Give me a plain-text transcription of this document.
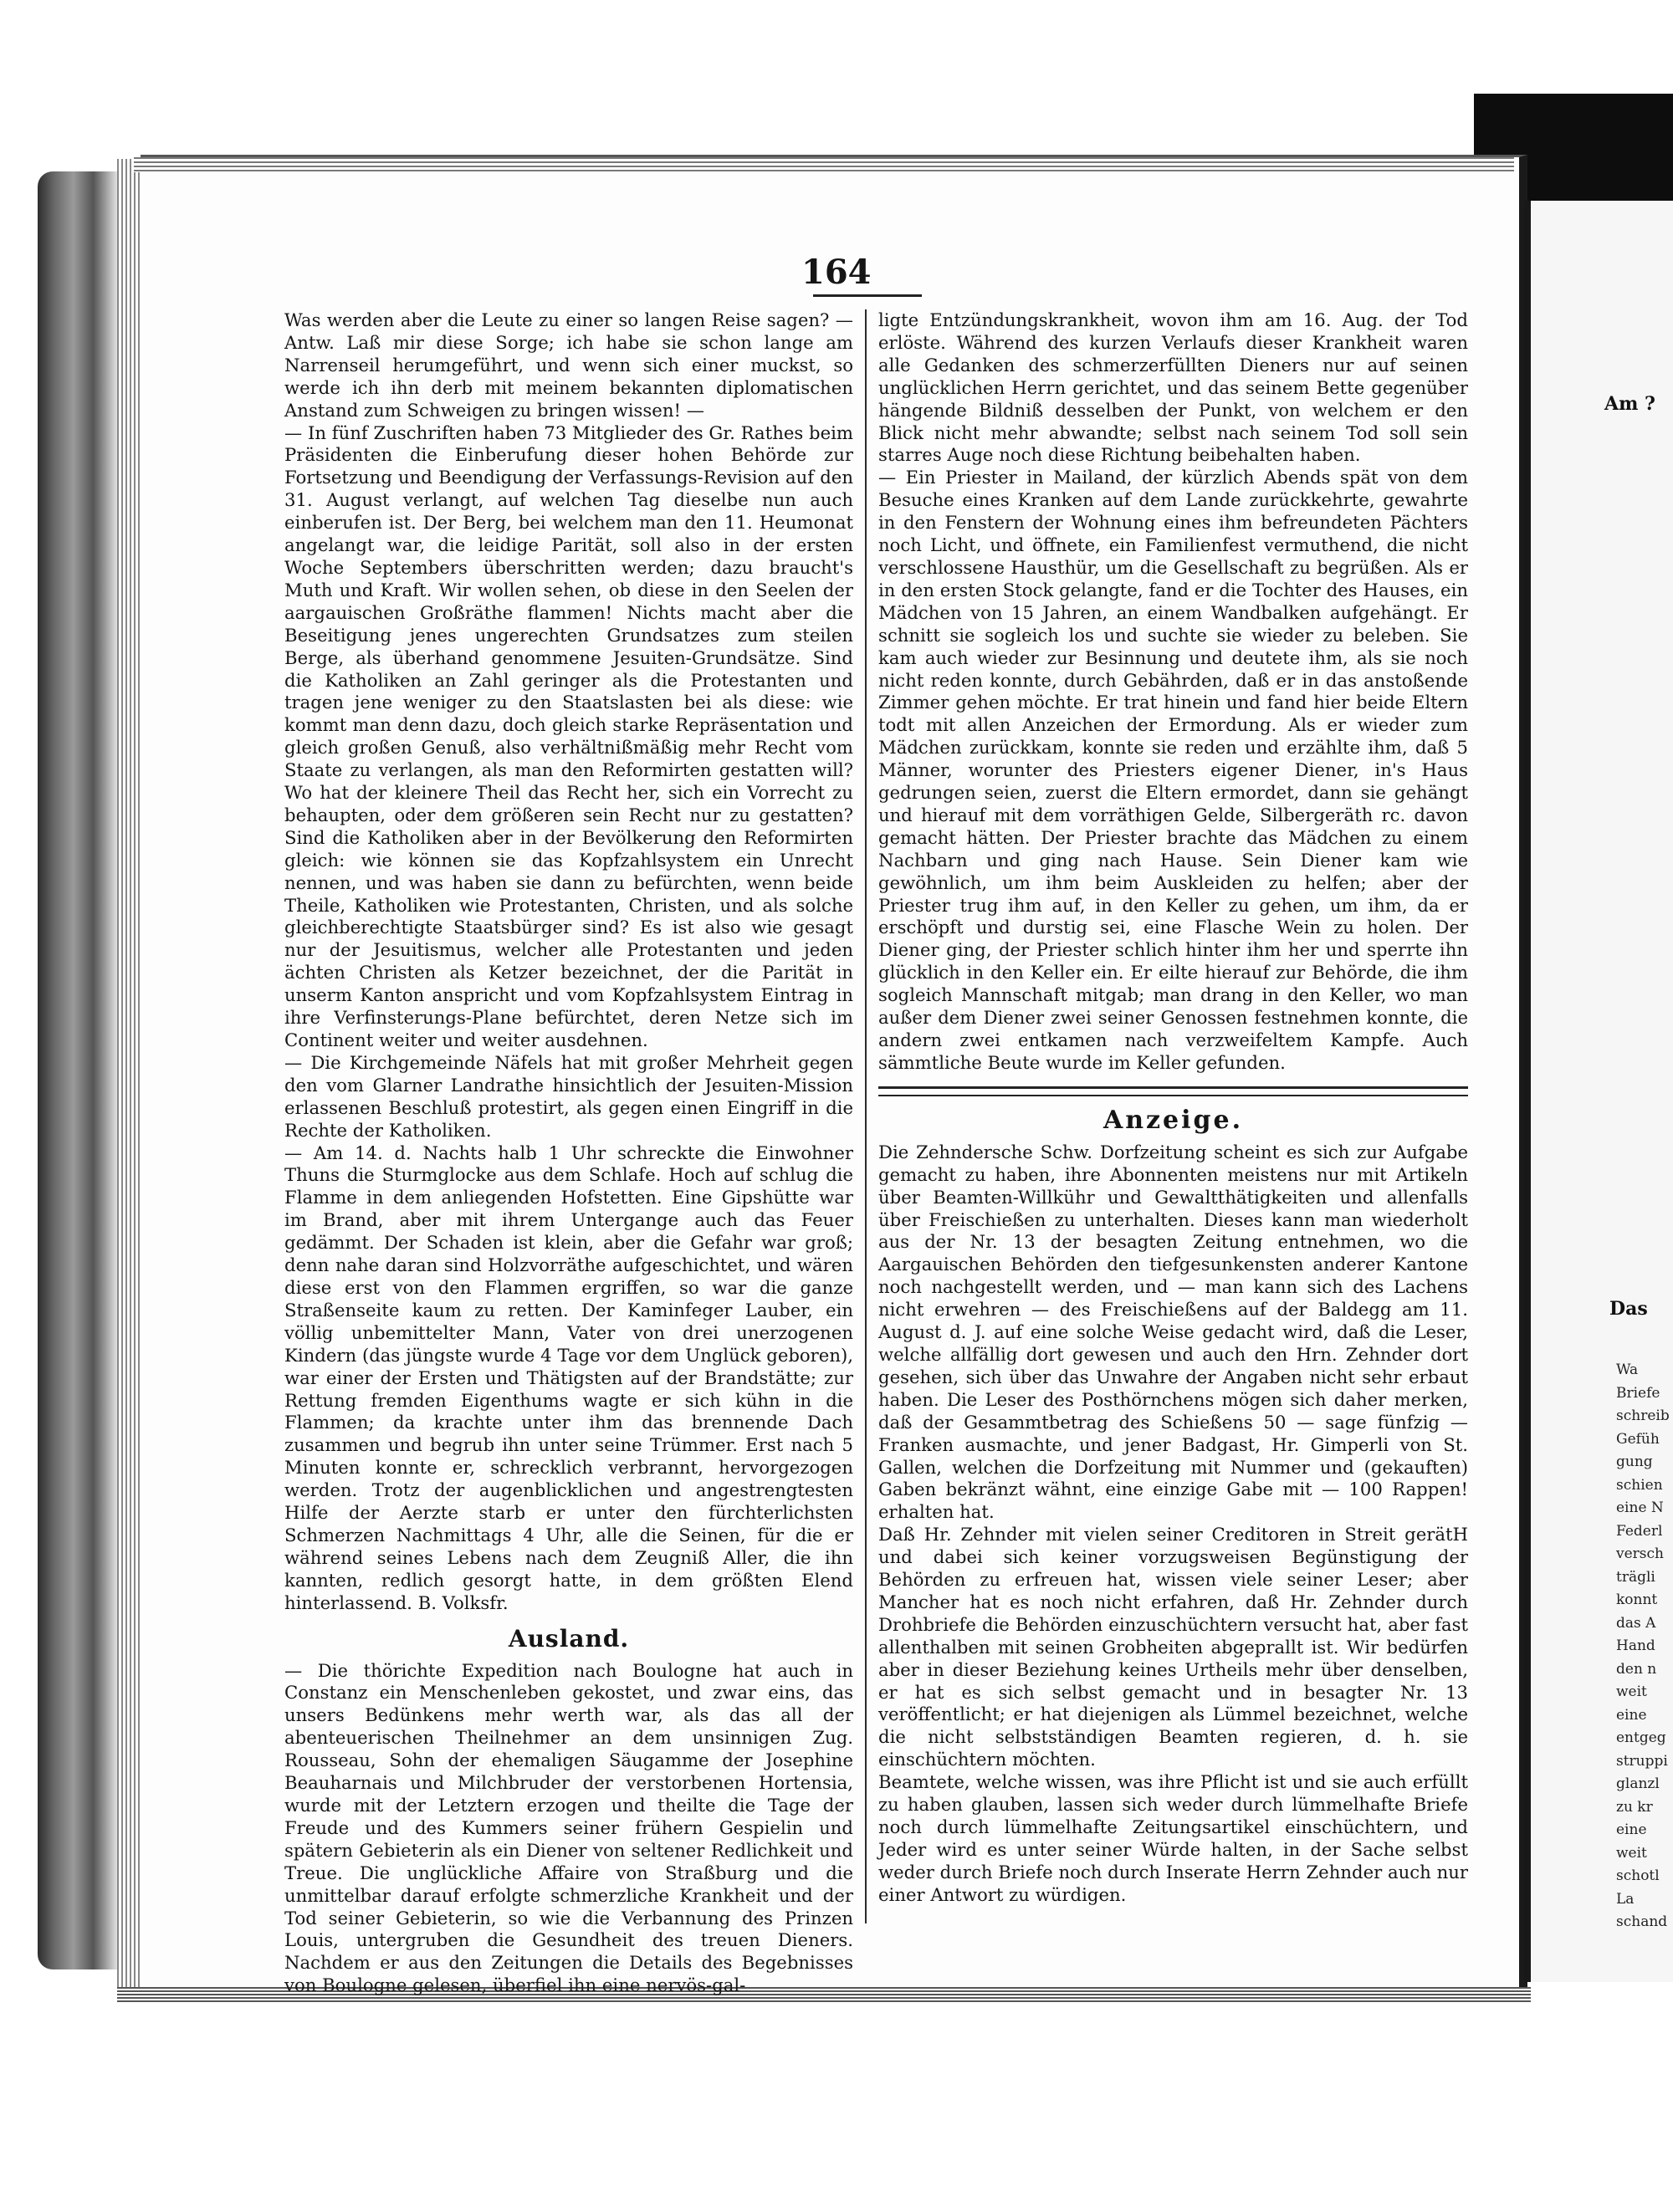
164

Was werden aber die Leute zu einer so langen Reise sagen? — Antw. Laß mir diese Sorge; ich habe sie schon lange am Narrenseil herumgeführt, und wenn sich einer muckst, so werde ich ihn derb mit meinem bekannten diplomatischen Anstand zum Schweigen zu bringen wissen! —

— In fünf Zuschriften haben 73 Mitglieder des Gr. Rathes beim Präsidenten die Einberufung dieser hohen Behörde zur Fortsetzung und Beendigung der Verfassungs-Revision auf den 31. August verlangt, auf welchen Tag dieselbe nun auch einberufen ist. Der Berg, bei welchem man den 11. Heumonat angelangt war, die leidige Parität, soll also in der ersten Woche Septembers überschritten werden; dazu braucht's Muth und Kraft. Wir wollen sehen, ob diese in den Seelen der aargauischen Großräthe flammen! Nichts macht aber die Beseitigung jenes ungerechten Grundsatzes zum steilen Berge, als überhand genommene Jesuiten-Grundsätze. Sind die Katholiken an Zahl geringer als die Protestanten und tragen jene weniger zu den Staatslasten bei als diese: wie kommt man denn dazu, doch gleich starke Repräsentation und gleich großen Genuß, also verhältnißmäßig mehr Recht vom Staate zu verlangen, als man den Reformirten gestatten will? Wo hat der kleinere Theil das Recht her, sich ein Vorrecht zu behaupten, oder dem größeren sein Recht nur zu gestatten? Sind die Katholiken aber in der Bevölkerung den Reformirten gleich: wie können sie das Kopfzahlsystem ein Unrecht nennen, und was haben sie dann zu befürchten, wenn beide Theile, Katholiken wie Protestanten, Christen, und als solche gleichberechtigte Staatsbürger sind? Es ist also wie gesagt nur der Jesuitismus, welcher alle Protestanten und jeden ächten Christen als Ketzer bezeichnet, der die Parität in unserm Kanton anspricht und vom Kopfzahlsystem Eintrag in ihre Verfinsterungs-Plane befürchtet, deren Netze sich im Continent weiter und weiter ausdehnen.

— Die Kirchgemeinde Näfels hat mit großer Mehrheit gegen den vom Glarner Landrathe hinsichtlich der Jesuiten-Mission erlassenen Beschluß protestirt, als gegen einen Eingriff in die Rechte der Katholiken.

— Am 14. d. Nachts halb 1 Uhr schreckte die Einwohner Thuns die Sturmglocke aus dem Schlafe. Hoch auf schlug die Flamme in dem anliegenden Hofstetten. Eine Gipshütte war im Brand, aber mit ihrem Untergange auch das Feuer gedämmt. Der Schaden ist klein, aber die Gefahr war groß; denn nahe daran sind Holzvorräthe aufgeschichtet, und wären diese erst von den Flammen ergriffen, so war die ganze Straßenseite kaum zu retten. Der Kaminfeger Lauber, ein völlig unbemittelter Mann, Vater von drei unerzogenen Kindern (das jüngste wurde 4 Tage vor dem Unglück geboren), war einer der Ersten und Thätigsten auf der Brandstätte; zur Rettung fremden Eigenthums wagte er sich kühn in die Flammen; da krachte unter ihm das brennende Dach zusammen und begrub ihn unter seine Trümmer. Erst nach 5 Minuten konnte er, schrecklich verbrannt, hervorgezogen werden. Trotz der augenblicklichen und angestrengtesten Hilfe der Aerzte starb er unter den fürchterlichsten Schmerzen Nachmittags 4 Uhr, alle die Seinen, für die er während seines Lebens nach dem Zeugniß Aller, die ihn kannten, redlich gesorgt hatte, in dem größten Elend hinterlassend. B. Volksfr.

Ausland.

— Die thörichte Expedition nach Boulogne hat auch in Constanz ein Menschenleben gekostet, und zwar eins, das unsers Bedünkens mehr werth war, als das all der abenteuerischen Theilnehmer an dem unsinnigen Zug. Rousseau, Sohn der ehemaligen Säugamme der Josephine Beauharnais und Milchbruder der verstorbenen Hortensia, wurde mit der Letztern erzogen und theilte die Tage der Freude und des Kummers seiner frühern Gespielin und spätern Gebieterin als ein Diener von seltener Redlichkeit und Treue. Die unglückliche Affaire von Straßburg und die unmittelbar darauf erfolgte schmerzliche Krankheit und der Tod seiner Gebieterin, so wie die Verbannung des Prinzen Louis, untergruben die Gesundheit des treuen Dieners. Nachdem er aus den Zeitungen die Details des Begebnisses von Boulogne gelesen, überfiel ihn eine nervös-gal-

ligte Entzündungskrankheit, wovon ihm am 16. Aug. der Tod erlöste. Während des kurzen Verlaufs dieser Krankheit waren alle Gedanken des schmerzerfüllten Dieners nur auf seinen unglücklichen Herrn gerichtet, und das seinem Bette gegenüber hängende Bildniß desselben der Punkt, von welchem er den Blick nicht mehr abwandte; selbst nach seinem Tod soll sein starres Auge noch diese Richtung beibehalten haben.

— Ein Priester in Mailand, der kürzlich Abends spät von dem Besuche eines Kranken auf dem Lande zurückkehrte, gewahrte in den Fenstern der Wohnung eines ihm befreundeten Pächters noch Licht, und öffnete, ein Familienfest vermuthend, die nicht verschlossene Hausthür, um die Gesellschaft zu begrüßen. Als er in den ersten Stock gelangte, fand er die Tochter des Hauses, ein Mädchen von 15 Jahren, an einem Wandbalken aufgehängt. Er schnitt sie sogleich los und suchte sie wieder zu beleben. Sie kam auch wieder zur Besinnung und deutete ihm, als sie noch nicht reden konnte, durch Gebährden, daß er in das anstoßende Zimmer gehen möchte. Er trat hinein und fand hier beide Eltern todt mit allen Anzeichen der Ermordung. Als er wieder zum Mädchen zurückkam, konnte sie reden und erzählte ihm, daß 5 Männer, worunter des Priesters eigener Diener, in's Haus gedrungen seien, zuerst die Eltern ermordet, dann sie gehängt und hierauf mit dem vorräthigen Gelde, Silbergeräth rc. davon gemacht hätten. Der Priester brachte das Mädchen zu einem Nachbarn und ging nach Hause. Sein Diener kam wie gewöhnlich, um ihm beim Auskleiden zu helfen; aber der Priester trug ihm auf, in den Keller zu gehen, um ihm, da er erschöpft und durstig sei, eine Flasche Wein zu holen. Der Diener ging, der Priester schlich hinter ihm her und sperrte ihn glücklich in den Keller ein. Er eilte hierauf zur Behörde, die ihm sogleich Mannschaft mitgab; man drang in den Keller, wo man außer dem Diener zwei seiner Genossen festnehmen konnte, die andern zwei entkamen nach verzweifeltem Kampfe. Auch sämmtliche Beute wurde im Keller gefunden.

Anzeige.

Die Zehndersche Schw. Dorfzeitung scheint es sich zur Aufgabe gemacht zu haben, ihre Abonnenten meistens nur mit Artikeln über Beamten-Willkühr und Gewaltthätigkeiten und allenfalls über Freischießen zu unterhalten. Dieses kann man wiederholt aus der Nr. 13 der besagten Zeitung entnehmen, wo die Aargauischen Behörden den tiefgesunkensten anderer Kantone noch nachgestellt werden, und — man kann sich des Lachens nicht erwehren — des Freischießens auf der Baldegg am 11. August d. J. auf eine solche Weise gedacht wird, daß die Leser, welche allfällig dort gewesen und auch den Hrn. Zehnder dort gesehen, sich über das Unwahre der Angaben nicht sehr erbaut haben. Die Leser des Posthörnchens mögen sich daher merken, daß der Gesammtbetrag des Schießens 50 — sage fünfzig — Franken ausmachte, und jener Badgast, Hr. Gimperli von St. Gallen, welchen die Dorfzeitung mit Nummer und (gekauften) Gaben bekränzt wähnt, eine einzige Gabe mit — 100 Rappen! erhalten hat.

Daß Hr. Zehnder mit vielen seiner Creditoren in Streit gerätH und dabei sich keiner vorzugsweisen Begünstigung der Behörden zu erfreuen hat, wissen viele seiner Leser; aber Mancher hat es noch nicht erfahren, daß Hr. Zehnder durch Drohbriefe die Behörden einzuschüchtern versucht hat, aber fast allenthalben mit seinen Grobheiten abgeprallt ist. Wir bedürfen aber in dieser Beziehung keines Urtheils mehr über denselben, er hat es sich selbst gemacht und in besagter Nr. 13 veröffentlicht; er hat diejenigen als Lümmel bezeichnet, welche die nicht selbstständigen Beamten regieren, d. h. sie einschüchtern möchten.

Beamtete, welche wissen, was ihre Pflicht ist und sie auch erfüllt zu haben glauben, lassen sich weder durch lümmelhafte Briefe noch durch lümmelhafte Zeitungsartikel einschüchtern, und Jeder wird es unter seiner Würde halten, in der Sache selbst weder durch Briefe noch durch Inserate Herrn Zehnder auch nur einer Antwort zu würdigen.

Am ?
Das
Wa
Briefe
schreib
Gefüh
gung
schien
eine N
Federl
versch
trägli
konnt
das A
Hand
den n
weit
eine
entgeg
struppi
glanzl
zu kr
eine
weit
schotl
La
schand
